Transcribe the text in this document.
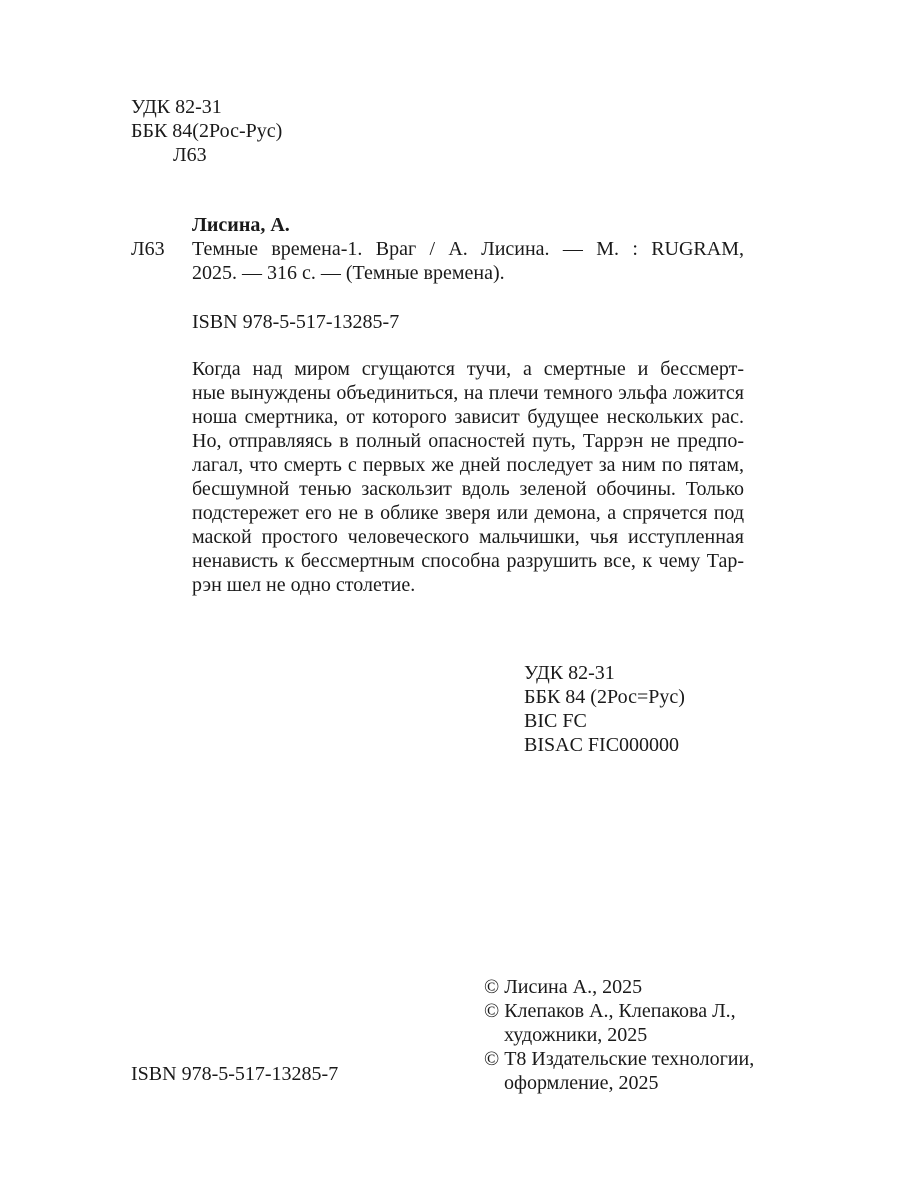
УДК 82-31
ББК 84(2Рос-Рус)
Л63
Лисина, А.
Л63 Темные времена-1. Враг / А. Лисина. — М. : RUGRAM,
2025. — 316 с. — (Темные времена).
ISBN 978-5-517-13285-7
Когда над миром сгущаются тучи, а смертные и бессмерт-
ные вынуждены объединиться, на плечи темного эльфа ложится
ноша смертника, от которого зависит будущее нескольких рас.
Но, отправляясь в полный опасностей путь, Таррэн не предпо-
лагал, что смерть с первых же дней последует за ним по пятам,
бесшумной тенью заскользит вдоль зеленой обочины. Только
подстережет его не в облике зверя или демона, а спрячется под
маской простого человеческого мальчишки, чья исступленная
ненависть к бессмертным способна разрушить все, к чему Тар-
рэн шел не одно столетие.
УДК 82-31
ББК 84 (2Рос=Рус)
BIC FC
BISAC FIC000000
© Лисина А., 2025
© Клепаков А., Клепакова Л.,
художники, 2025
© Т8 Издательские технологии,
оформление, 2025
ISBN 978-5-517-13285-7
